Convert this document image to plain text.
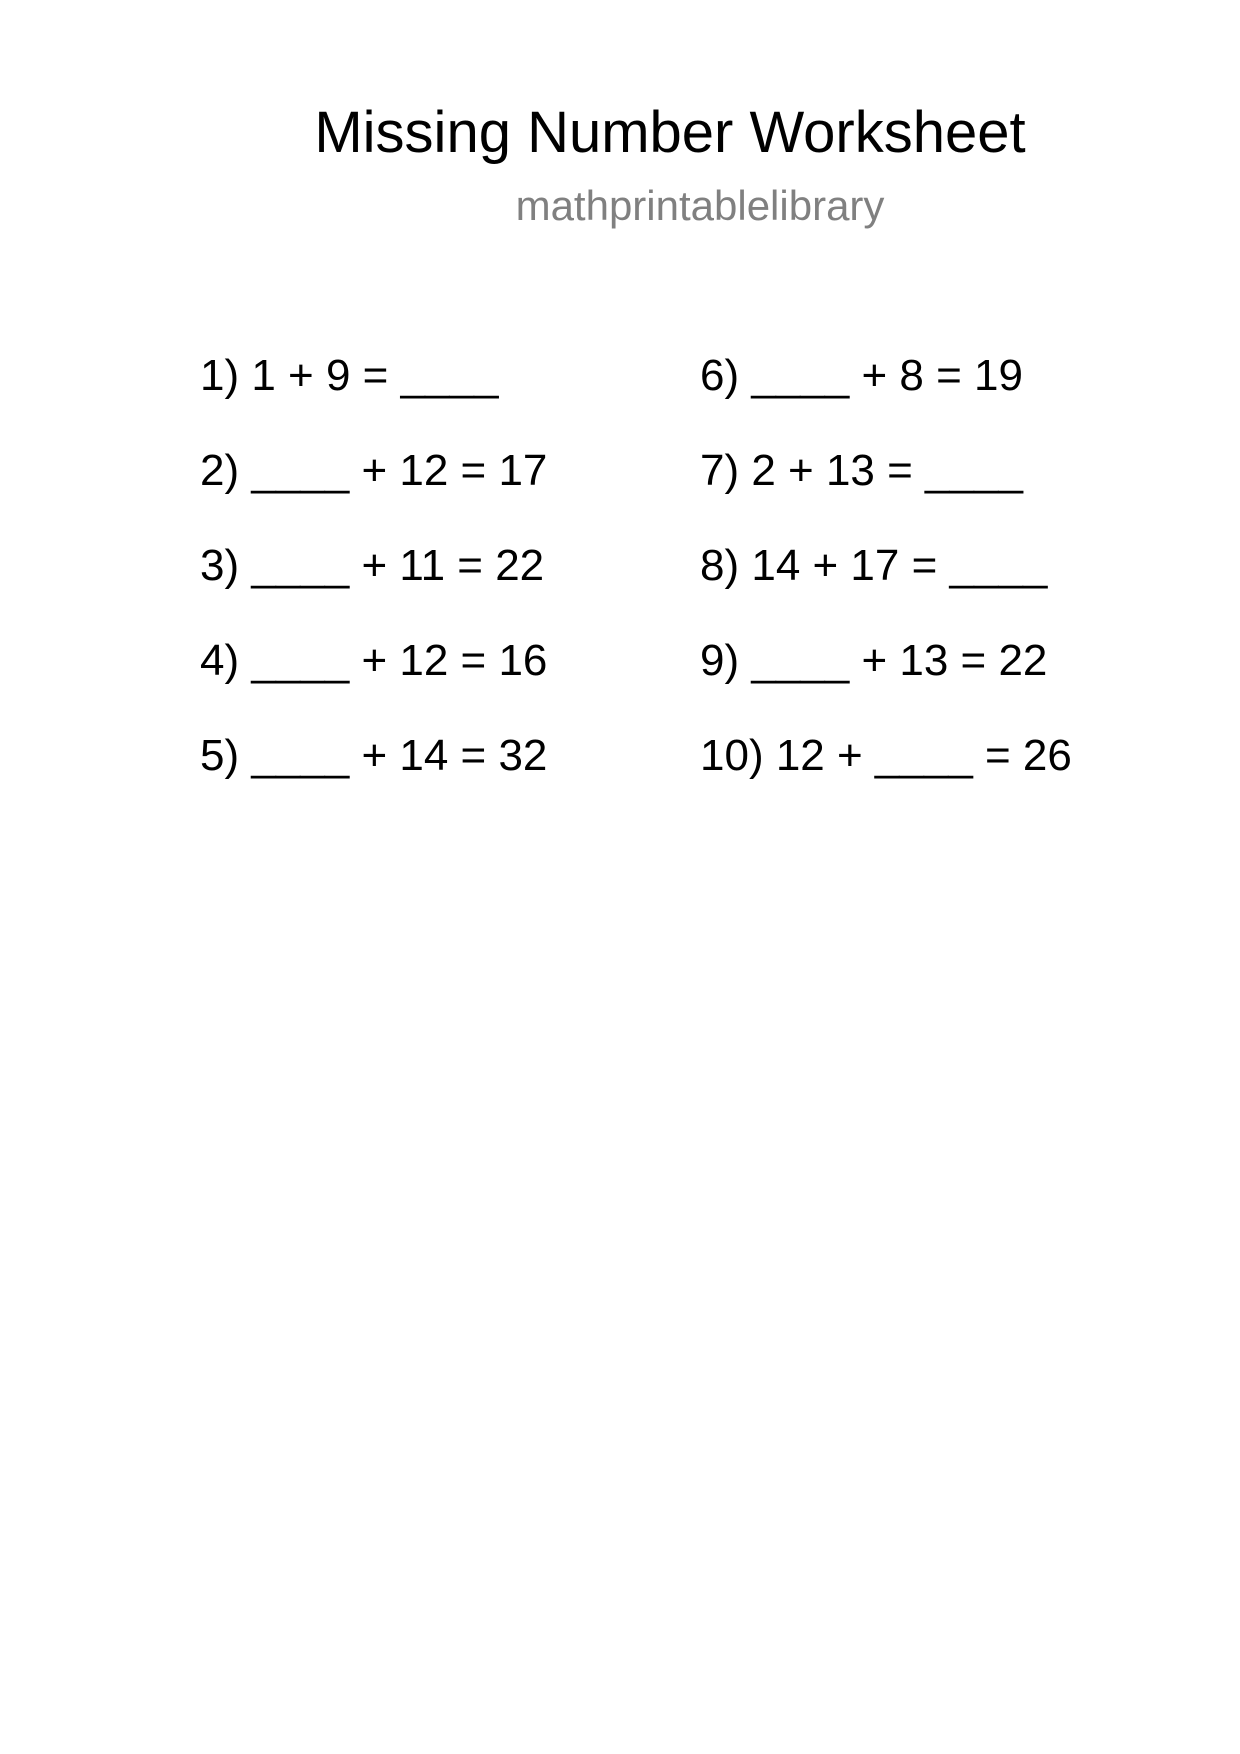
Missing Number Worksheet
mathprintablelibrary
1) 1 + 9 = ____
2) ____ + 12 = 17
3) ____ + 11 = 22
4) ____ + 12 = 16
5) ____ + 14 = 32
6) ____ + 8 = 19
7) 2 + 13 = ____
8) 14 + 17 = ____
9) ____ + 13 = 22
10) 12 + ____ = 26
